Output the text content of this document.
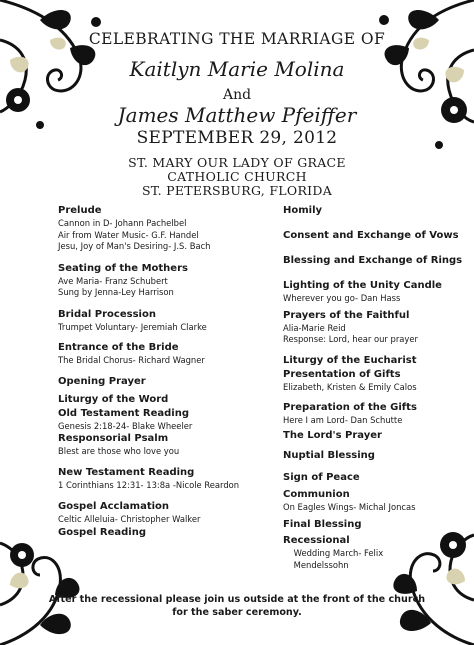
CELEBRATING THE MARRIAGE OF
Kaitlyn Marie Molina
And
James Matthew Pfeiffer
SEPTEMBER 29, 2012
ST. MARY OUR LADY OF GRACE
CATHOLIC CHURCH
ST. PETERSBURG, FLORIDA
Prelude
Cannon in D- Johann Pachelbel
Air from Water Music- G.F. Handel
Jesu, Joy of Man's Desiring- J.S. Bach
Seating of the Mothers
Ave Maria- Franz Schubert
Sung by Jenna-Ley Harrison
Bridal Procession
Trumpet Voluntary- Jeremiah Clarke
Entrance of the Bride
The Bridal Chorus- Richard Wagner
Opening Prayer
Liturgy of the Word
Old Testament Reading
Genesis 2:18-24- Blake Wheeler
Responsorial Psalm
Blest are those who love you
New Testament Reading
1 Corinthians 12:31- 13:8a -Nicole Reardon
Gospel Acclamation
Celtic Alleluia- Christopher Walker
Gospel Reading
Homily
Consent and Exchange of Vows
Blessing and Exchange of Rings
Lighting of the Unity Candle
Wherever you go- Dan Hass
Prayers of the Faithful
Alia-Marie Reid
Response: Lord, hear our prayer
Liturgy of the Eucharist
Presentation of Gifts
Elizabeth, Kristen & Emily Calos
Preparation of the Gifts
Here I am Lord- Dan Schutte
The Lord's Prayer
Nuptial Blessing
Sign of Peace
Communion
On Eagles Wings- Michal Joncas
Final Blessing
Recessional
Wedding March- Felix
Mendelssohn
After the recessional please join us outside at the front of the church
for the saber ceremony.
